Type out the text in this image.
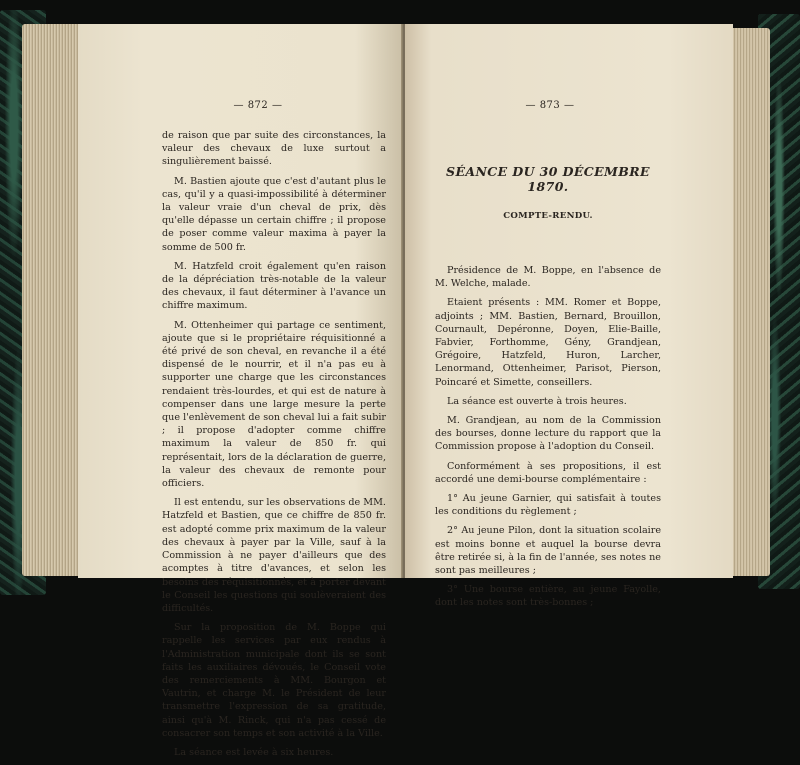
— 872 —

de raison que par suite des circonstances, la valeur des chevaux de luxe surtout a singulièrement baissé.

M. Bastien ajoute que c'est d'autant plus le cas, qu'il y a quasi-impossibilité à déterminer la valeur vraie d'un cheval de prix, dès qu'elle dépasse un certain chiffre ; il propose de poser comme valeur maxima à payer la somme de 500 fr.

M. Hatzfeld croit également qu'en raison de la dépréciation très-notable de la valeur des chevaux, il faut déterminer à l'avance un chiffre maximum.

M. Ottenheimer qui partage ce sentiment, ajoute que si le propriétaire réquisitionné a été privé de son cheval, en revanche il a été dispensé de le nourrir, et il n'a pas eu à supporter une charge que les circonstances rendaient très-lourdes, et qui est de nature à compenser dans une large mesure la perte que l'enlèvement de son cheval lui a fait subir ; il propose d'adopter comme chiffre maximum la valeur de 850 fr. qui représentait, lors de la déclaration de guerre, la valeur des chevaux de remonte pour officiers.

Il est entendu, sur les observations de MM. Hatzfeld et Bastien, que ce chiffre de 850 fr. est adopté comme prix maximum de la valeur des chevaux à payer par la Ville, sauf à la Commission à ne payer d'ailleurs que des acomptes à titre d'avances, et selon les besoins des réquisitionnés, et à porter devant le Conseil les questions qui soulèveraient des difficultés.

Sur la proposition de M. Boppe qui rappelle les services par eux rendus à l'Administration municipale dont ils se sont faits les auxiliaires dévoués, le Conseil vote des remerciements à MM. Bourgon et Vautrin, et charge M. le Président de leur transmettre l'expression de sa gratitude, ainsi qu'à M. Rinck, qui n'a pas cessé de consacrer son temps et son activité à la Ville.

La séance est levée à six heures.

— 873 —
SÉANCE DU 30 DÉCEMBRE 1870.
COMPTE-RENDU.

Présidence de M. Boppe, en l'absence de M. Welche, malade.

Etaient présents : MM. Romer et Boppe, adjoints ; MM. Bastien, Bernard, Brouillon, Cournault, Depéronne, Doyen, Elie-Baille, Fabvier, Forthomme, Gény, Grandjean, Grégoire, Hatzfeld, Huron, Larcher, Lenormand, Ottenheimer, Parisot, Pierson, Poincaré et Simette, conseillers.

La séance est ouverte à trois heures.

M. Grandjean, au nom de la Commission des bourses, donne lecture du rapport que la Commission propose à l'adoption du Conseil.

Conformément à ses propositions, il est accordé une demi-bourse complémentaire :

1° Au jeune Garnier, qui satisfait à toutes les conditions du règlement ;

2° Au jeune Pilon, dont la situation scolaire est moins bonne et auquel la bourse devra être retirée si, à la fin de l'année, ses notes ne sont pas meilleures ;

3° Une bourse entière, au jeune Fayolle, dont les notes sont très-bonnes ;
